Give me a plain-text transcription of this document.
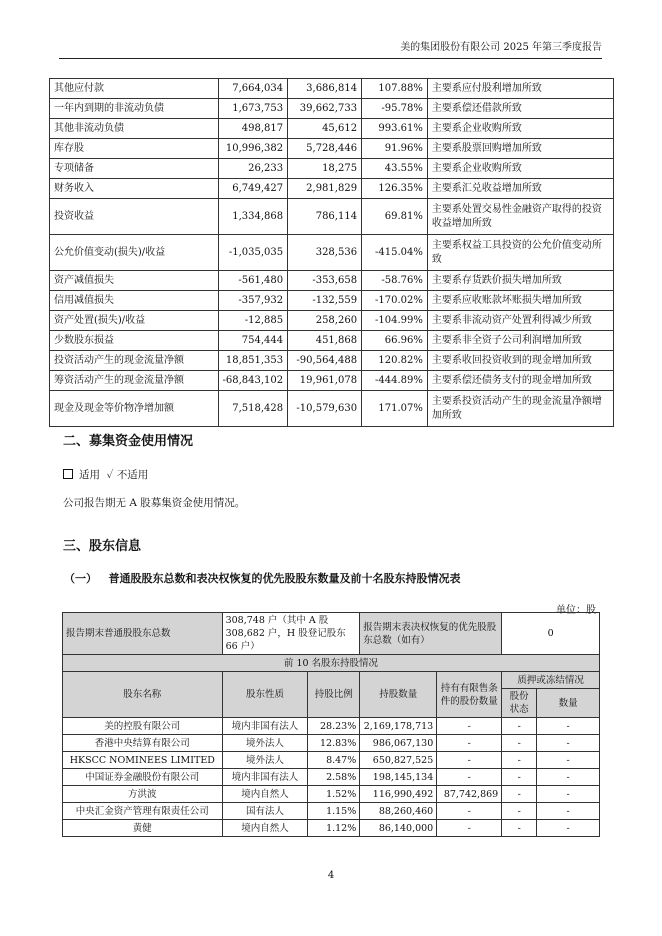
美的集团股份有限公司 2025 年第三季度报告
其他应付款	7,664,034	3,686,814	107.88%	主要系应付股利增加所致
一年内到期的非流动负债	1,673,753	39,662,733	-95.78%	主要系偿还借款所致
其他非流动负债	498,817	45,612	993.61%	主要系企业收购所致
库存股	10,996,382	5,728,446	91.96%	主要系股票回购增加所致
专项储备	26,233	18,275	43.55%	主要系企业收购所致
财务收入	6,749,427	2,981,829	126.35%	主要系汇兑收益增加所致
投资收益	1,334,868	786,114	69.81%	主要系处置交易性金融资产取得的投资收益增加所致
公允价值变动(损失)/收益	-1,035,035	328,536	-415.04%	主要系权益工具投资的公允价值变动所致
资产减值损失	-561,480	-353,658	-58.76%	主要系存货跌价损失增加所致
信用减值损失	-357,932	-132,559	-170.02%	主要系应收账款坏账损失增加所致
资产处置(损失)/收益	-12,885	258,260	-104.99%	主要系非流动资产处置利得减少所致
少数股东损益	754,444	451,868	66.96%	主要系非全资子公司利润增加所致
投资活动产生的现金流量净额	18,851,353	-90,564,488	120.82%	主要系收回投资收到的现金增加所致
筹资活动产生的现金流量净额	-68,843,102	19,961,078	-444.89%	主要系偿还债务支付的现金增加所致
现金及现金等价物净增加额	7,518,428	-10,579,630	171.07%	主要系投资活动产生的现金流量净额增加所致
二、募集资金使用情况
适用 ✓ 不适用
公司报告期无 A 股募集资金使用情况。
三、股东信息
（一） 普通股股东总数和表决权恢复的优先股股东数量及前十名股东持股情况表
单位：股
报告期末普通股股东总数	308,748 户（其中 A 股 308,682 户，H 股登记股东 66 户）		报告期末表决权恢复的优先股股东总数（如有）		0	
前 10 名股东持股情况						
股东名称	股东性质	持股比例	持股数量	持有有限售条件的股份数量	质押或冻结情况	
					股份状态	数量
美的控股有限公司	境内非国有法人	28.23%	2,169,178,713	-	-	-
香港中央结算有限公司	境外法人	12.83%	986,067,130	-	-	-
HKSCC NOMINEES LIMITED	境外法人	8.47%	650,827,525	-	-	-
中国证券金融股份有限公司	境内非国有法人	2.58%	198,145,134	-	-	-
方洪波	境内自然人	1.52%	116,990,492	87,742,869	-	-
中央汇金资产管理有限责任公司	国有法人	1.15%	88,260,460	-	-	-
黄健	境内自然人	1.12%	86,140,000	-	-	-
4
